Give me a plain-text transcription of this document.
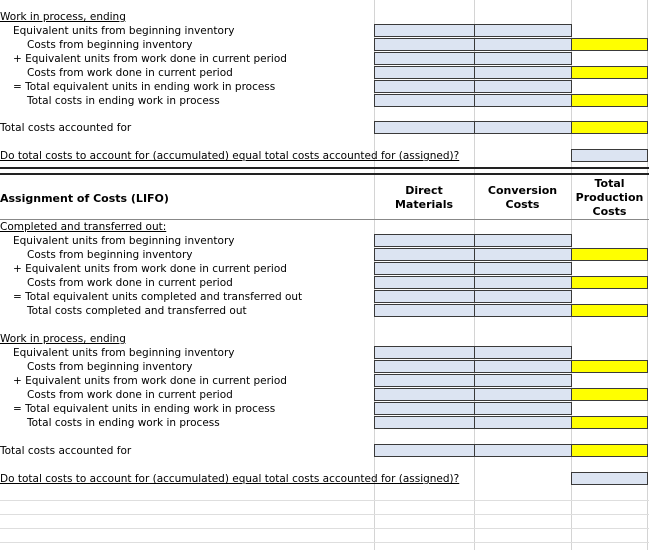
Work in process, ending
Equivalent units from beginning inventory
Costs from beginning inventory
+ Equivalent units from work done in current period
Costs from work done in current period
= Total equivalent units in ending work in process
Total costs in ending work in process
Total costs accounted for
Do total costs to account for (accumulated) equal total costs accounted for (assigned)?
Assignment of Costs (LIFO)
Direct
Materials
Conversion
Costs
Total
Production
Costs
Completed and transferred out:
Equivalent units from beginning inventory
Costs from beginning inventory
+ Equivalent units from work done in current period
Costs from work done in current period
= Total equivalent units completed and transferred out
Total costs completed and transferred out
Work in process, ending
Equivalent units from beginning inventory
Costs from beginning inventory
+ Equivalent units from work done in current period
Costs from work done in current period
= Total equivalent units in ending work in process
Total costs in ending work in process
Total costs accounted for
Do total costs to account for (accumulated) equal total costs accounted for (assigned)?
